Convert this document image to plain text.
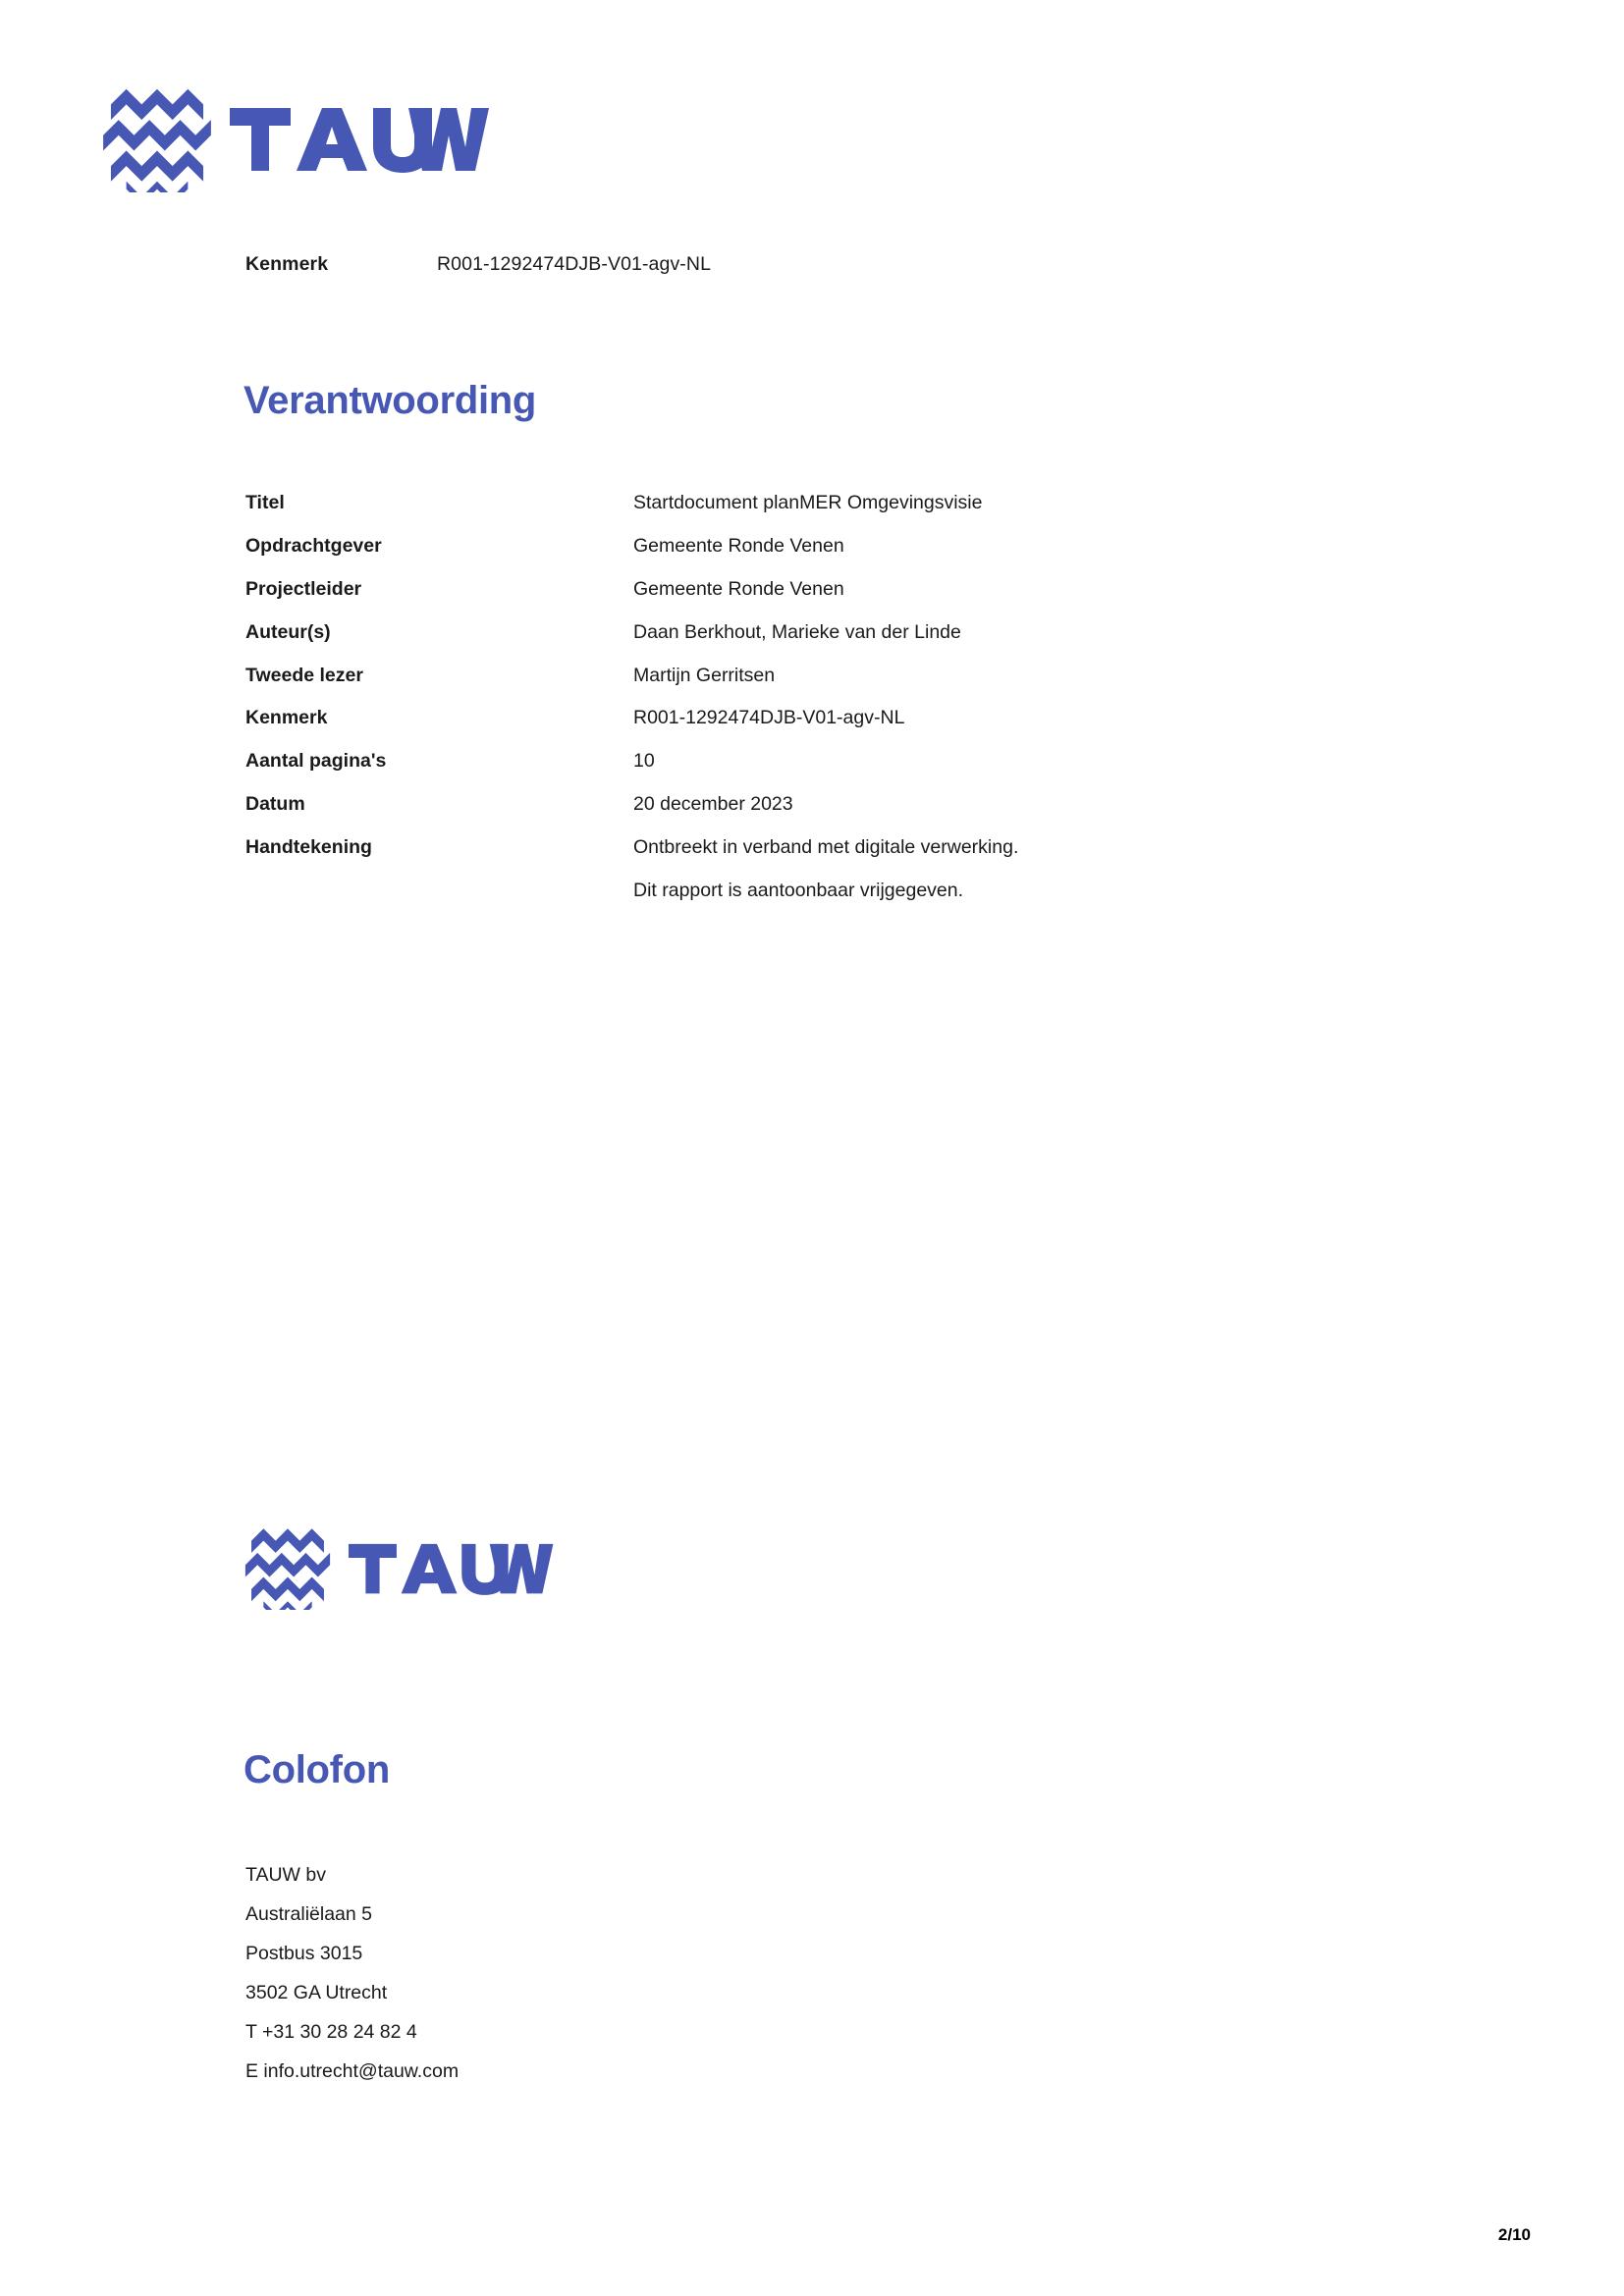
Kenmerk	R001-1292474DJB-V01-agv-NL
Verantwoording
Titel	Startdocument planMER Omgevingsvisie
Opdrachtgever	Gemeente Ronde Venen
Projectleider	Gemeente Ronde Venen
Auteur(s)	Daan Berkhout, Marieke van der Linde
Tweede lezer	Martijn Gerritsen
Kenmerk	R001-1292474DJB-V01-agv-NL
Aantal pagina's	10
Datum	20 december 2023
Handtekening	Ontbreekt in verband met digitale verwerking.
Dit rapport is aantoonbaar vrijgegeven.
Colofon
TAUW bv
Australiëlaan 5
Postbus 3015
3502 GA Utrecht
T +31 30 28 24 82 4
E info.utrecht@tauw.com
2/10
